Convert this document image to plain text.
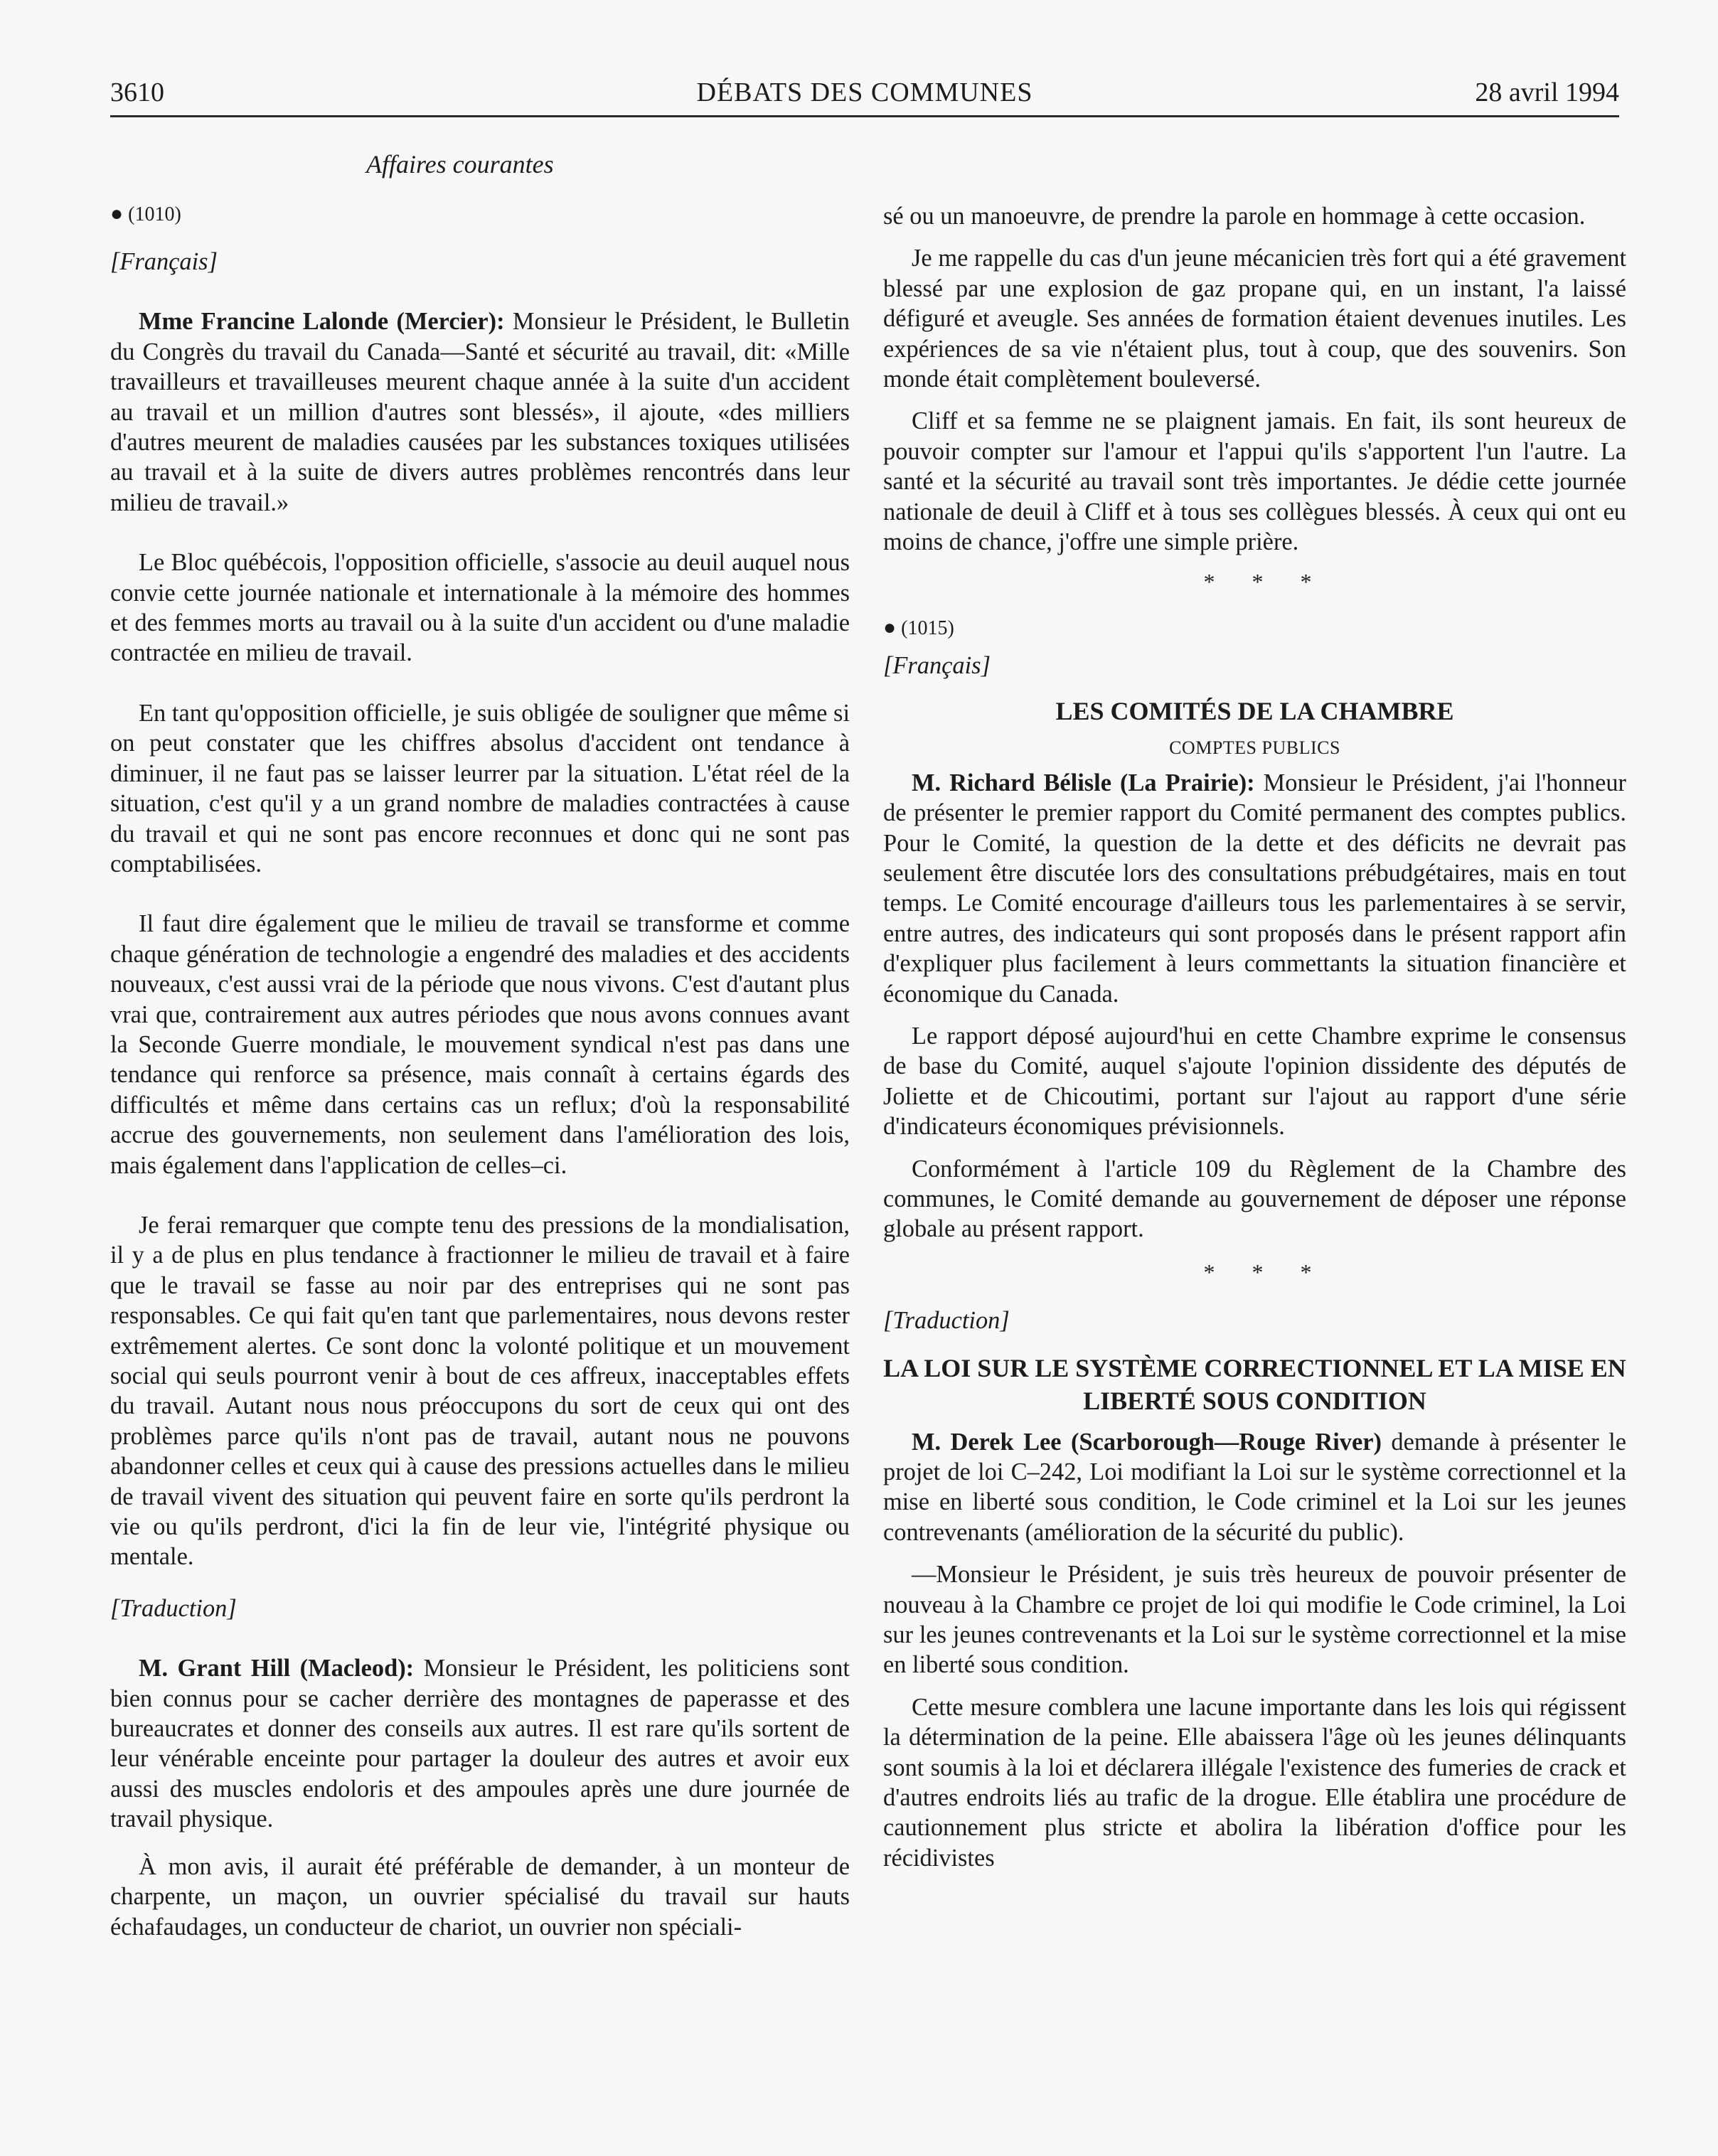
3610	DÉBATS DES COMMUNES	28 avril 1994
Affaires courantes

● (1010)

[Français]

Mme Francine Lalonde (Mercier): Monsieur le Président, le Bulletin du Congrès du travail du Canada—Santé et sécurité au travail, dit: «Mille travailleurs et travailleuses meurent chaque année à la suite d'un accident au travail et un million d'autres sont blessés», il ajoute, «des milliers d'autres meurent de maladies causées par les substances toxiques utilisées au travail et à la suite de divers autres problèmes rencontrés dans leur milieu de travail.»

Le Bloc québécois, l'opposition officielle, s'associe au deuil auquel nous convie cette journée nationale et internationale à la mémoire des hommes et des femmes morts au travail ou à la suite d'un accident ou d'une maladie contractée en milieu de travail.

En tant qu'opposition officielle, je suis obligée de souligner que même si on peut constater que les chiffres absolus d'accident ont tendance à diminuer, il ne faut pas se laisser leurrer par la situation. L'état réel de la situation, c'est qu'il y a un grand nombre de maladies contractées à cause du travail et qui ne sont pas encore reconnues et donc qui ne sont pas comptabilisées.

Il faut dire également que le milieu de travail se transforme et comme chaque génération de technologie a engendré des maladies et des accidents nouveaux, c'est aussi vrai de la période que nous vivons. C'est d'autant plus vrai que, contrairement aux autres périodes que nous avons connues avant la Seconde Guerre mondiale, le mouvement syndical n'est pas dans une tendance qui renforce sa présence, mais connaît à certains égards des difficultés et même dans certains cas un reflux; d'où la responsabilité accrue des gouvernements, non seulement dans l'amélioration des lois, mais également dans l'application de celles–ci.

Je ferai remarquer que compte tenu des pressions de la mondialisation, il y a de plus en plus tendance à fractionner le milieu de travail et à faire que le travail se fasse au noir par des entreprises qui ne sont pas responsables. Ce qui fait qu'en tant que parlementaires, nous devons rester extrêmement alertes. Ce sont donc la volonté politique et un mouvement social qui seuls pourront venir à bout de ces affreux, inacceptables effets du travail. Autant nous nous préoccupons du sort de ceux qui ont des problèmes parce qu'ils n'ont pas de travail, autant nous ne pouvons abandonner celles et ceux qui à cause des pressions actuelles dans le milieu de travail vivent des situation qui peuvent faire en sorte qu'ils perdront la vie ou qu'ils perdront, d'ici la fin de leur vie, l'intégrité physique ou mentale.

[Traduction]

M. Grant Hill (Macleod): Monsieur le Président, les politiciens sont bien connus pour se cacher derrière des montagnes de paperasse et des bureaucrates et donner des conseils aux autres. Il est rare qu'ils sortent de leur vénérable enceinte pour partager la douleur des autres et avoir eux aussi des muscles endoloris et des ampoules après une dure journée de travail physique.

À mon avis, il aurait été préférable de demander, à un monteur de charpente, un maçon, un ouvrier spécialisé du travail sur hauts échafaudages, un conducteur de chariot, un ouvrier non spéciali-

sé ou un manoeuvre, de prendre la parole en hommage à cette occasion.

Je me rappelle du cas d'un jeune mécanicien très fort qui a été gravement blessé par une explosion de gaz propane qui, en un instant, l'a laissé défiguré et aveugle. Ses années de formation étaient devenues inutiles. Les expériences de sa vie n'étaient plus, tout à coup, que des souvenirs. Son monde était complètement bouleversé.

Cliff et sa femme ne se plaignent jamais. En fait, ils sont heureux de pouvoir compter sur l'amour et l'appui qu'ils s'apportent l'un l'autre. La santé et la sécurité au travail sont très importantes. Je dédie cette journée nationale de deuil à Cliff et à tous ses collègues blessés. À ceux qui ont eu moins de chance, j'offre une simple prière.

* * *

● (1015)

[Français]

LES COMITÉS DE LA CHAMBRE

COMPTES PUBLICS

M. Richard Bélisle (La Prairie): Monsieur le Président, j'ai l'honneur de présenter le premier rapport du Comité permanent des comptes publics. Pour le Comité, la question de la dette et des déficits ne devrait pas seulement être discutée lors des consultations prébudgétaires, mais en tout temps. Le Comité encourage d'ailleurs tous les parlementaires à se servir, entre autres, des indicateurs qui sont proposés dans le présent rapport afin d'expliquer plus facilement à leurs commettants la situation financière et économique du Canada.

Le rapport déposé aujourd'hui en cette Chambre exprime le consensus de base du Comité, auquel s'ajoute l'opinion dissidente des députés de Joliette et de Chicoutimi, portant sur l'ajout au rapport d'une série d'indicateurs économiques prévisionnels.

Conformément à l'article 109 du Règlement de la Chambre des communes, le Comité demande au gouvernement de déposer une réponse globale au présent rapport.

* * *

[Traduction]

LA LOI SUR LE SYSTÈME CORRECTIONNEL ET LA MISE EN LIBERTÉ SOUS CONDITION

M. Derek Lee (Scarborough—Rouge River) demande à présenter le projet de loi C–242, Loi modifiant la Loi sur le système correctionnel et la mise en liberté sous condition, le Code criminel et la Loi sur les jeunes contrevenants (amélioration de la sécurité du public).

—Monsieur le Président, je suis très heureux de pouvoir présenter de nouveau à la Chambre ce projet de loi qui modifie le Code criminel, la Loi sur les jeunes contrevenants et la Loi sur le système correctionnel et la mise en liberté sous condition.

Cette mesure comblera une lacune importante dans les lois qui régissent la détermination de la peine. Elle abaissera l'âge où les jeunes délinquants sont soumis à la loi et déclarera illégale l'existence des fumeries de crack et d'autres endroits liés au trafic de la drogue. Elle établira une procédure de cautionnement plus stricte et abolira la libération d'office pour les récidivistes
